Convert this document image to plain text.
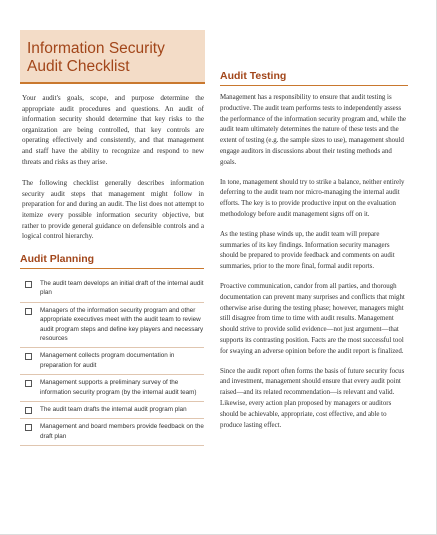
Information Security
Audit Checklist

Your audit's goals, scope, and purpose determine the appropriate audit procedures and questions. An audit of information security should determine that key risks to the organization are being controlled, that key controls are operating effectively and consistently, and that management and staff have the ability to recognize and respond to new threats and risks as they arise.

The following checklist generally describes information security audit steps that management might follow in preparation for and during an audit. The list does not attempt to itemize every possible information security objective, but rather to provide general guidance on defensible controls and a logical control hierarchy.

Audit Planning
The audit team develops an initial draft of the internal audit plan
Managers of the information security program and other appropriate executives meet with the audit team to review audit program steps and define key players and necessary resources
Management collects program documentation in preparation for audit
Management supports a preliminary survey of the information security program (by the internal audit team)
The audit team drafts the internal audit program plan
Management and board members provide feedback on the draft plan
Audit Testing

Management has a responsibility to ensure that audit testing is productive. The audit team performs tests to independently assess the performance of the information security program and, while the audit team ultimately determines the nature of these tests and the extent of testing (e.g. the sample sizes to use), management should engage auditors in discussions about their testing methods and goals.

In tone, management should try to strike a balance, neither entirely deferring to the audit team nor micro-managing the internal audit efforts. The key is to provide productive input on the evaluation methodology before audit management signs off on it.

As the testing phase winds up, the audit team will prepare summaries of its key findings. Information security managers should be prepared to provide feedback and comments on audit summaries, prior to the more final, formal audit reports.

Proactive communication, candor from all parties, and thorough documentation can prevent many surprises and conflicts that might otherwise arise during the testing phase; however, managers might still disagree from time to time with audit results. Management should strive to provide solid evidence—not just argument—that supports its contrasting position. Facts are the most successful tool for swaying an adverse opinion before the audit report is finalized.

Since the audit report often forms the basis of future security focus and investment, management should ensure that every audit point raised—and its related recommendation—is relevant and valid. Likewise, every action plan proposed by managers or auditors should be achievable, appropriate, cost effective, and able to produce lasting effect.
